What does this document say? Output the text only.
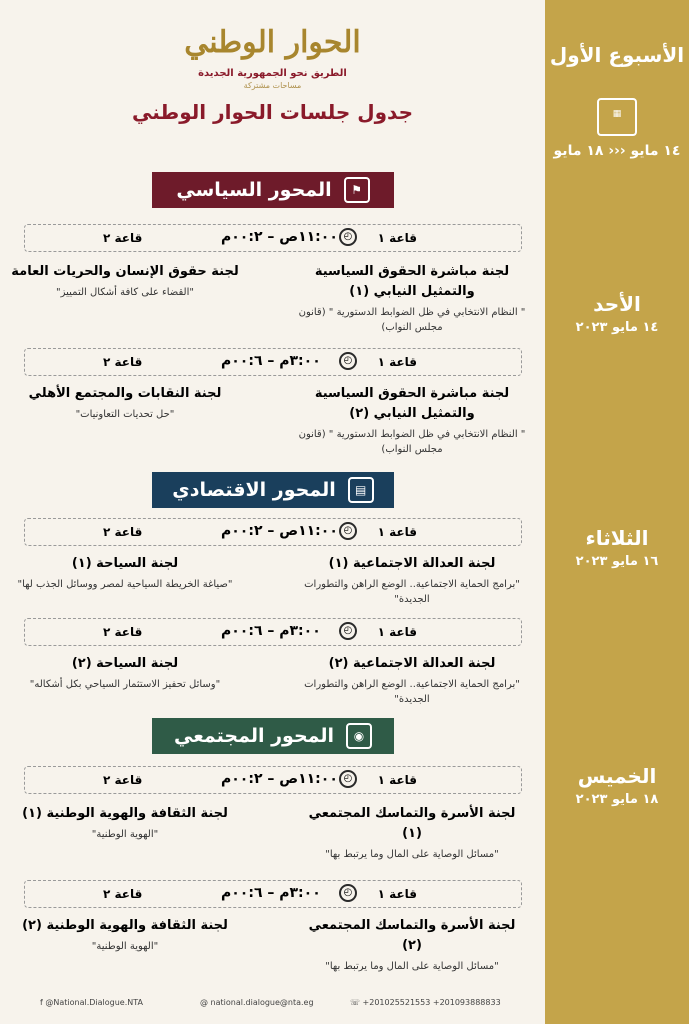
الحوار الوطني
الطريق نحو الجمهورية الجديدة
مساحات مشتركة
جدول جلسات الحوار الوطني
⚑
المحور السياسي
قاعة ١
◴
١١:٠٠ص – ٠٠:٢م
قاعة ٢
لجنة مباشرة الحقوق السياسية والتمثيل النيابي (١)
" النظام الانتخابي في ظل الضوابط الدستورية " (قانون مجلس النواب)
لجنة حقوق الإنسان والحريات العامة
"القضاء على كافة أشكال التمييز"
قاعة ١
◴
٣:٠٠م – ٠٠:٦م
قاعة ٢
لجنة مباشرة الحقوق السياسية والتمثيل النيابي (٢)
" النظام الانتخابي في ظل الضوابط الدستورية " (قانون مجلس النواب)
لجنة النقابات والمجتمع الأهلي
"حل تحديات التعاونيات"
▤
المحور الاقتصادي
قاعة ١
◴
١١:٠٠ص – ٠٠:٢م
قاعة ٢
لجنة العدالة الاجتماعية (١)
"برامج الحماية الاجتماعية.. الوضع الراهن والتطورات الجديدة"
لجنة السياحة (١)
"صياغة الخريطة السياحية لمصر ووسائل الجذب لها"
قاعة ١
◴
٣:٠٠م – ٠٠:٦م
قاعة ٢
لجنة العدالة الاجتماعية (٢)
"برامج الحماية الاجتماعية.. الوضع الراهن والتطورات الجديدة"
لجنة السياحة (٢)
"وسائل تحفيز الاستثمار السياحي بكل أشكاله"
◉
المحور المجتمعي
قاعة ١
◴
١١:٠٠ص – ٠٠:٢م
قاعة ٢
لجنة الأسرة والتماسك المجتمعي (١)
"مسائل الوصاية على المال وما يرتبط بها"
لجنة الثقافة والهوية الوطنية (١)
"الهوية الوطنية"
قاعة ١
◴
٣:٠٠م – ٠٠:٦م
قاعة ٢
لجنة الأسرة والتماسك المجتمعي (٢)
"مسائل الوصاية على المال وما يرتبط بها"
لجنة الثقافة والهوية الوطنية (٢)
"الهوية الوطنية"
f @National.Dialogue.NTA	@ national.dialogue@nta.eg	☏ +201025521553 +201093888833
الأسبوع الأول
▦
١٤ مايو ‹‹‹ ١٨ مايو
الأحد
١٤ مايو ٢٠٢٣
الثلاثاء
١٦ مايو ٢٠٢٣
الخميس
١٨ مايو ٢٠٢٣
